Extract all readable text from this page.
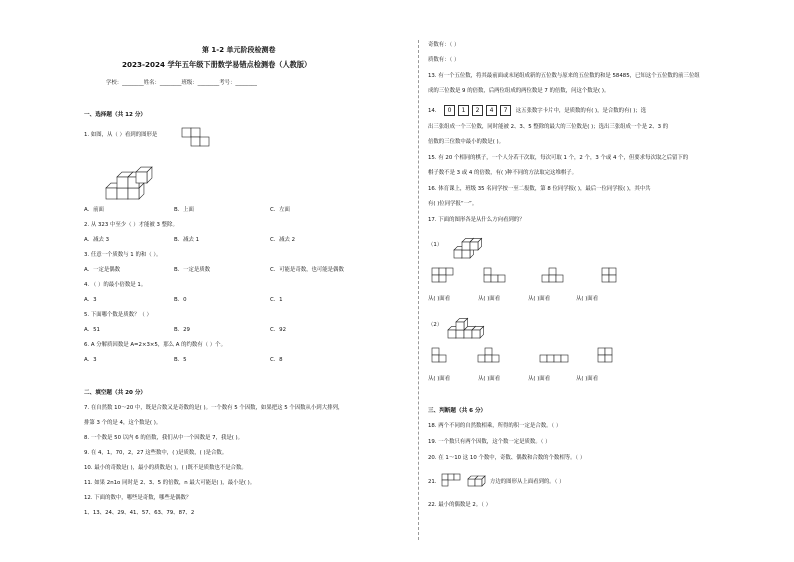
第 1-2 单元阶段检测卷
2023-2024 学年五年级下册数学易错点检测卷（人教版）
学校：________姓名：________班级：________考号：________
一、选择题（共 12 分）
1. 如图，从（ ）看到的图形是
A．前面	B．上面	C．左面
2. 从 323 中至少（ ）才能被 3 整除。
A．减去 3	B．减去 1	C．减去 2
3. 任意一个质数与 1 的和（ ）。
A．一定是偶数	B．一定是质数	C．可能是奇数，也可能是偶数
4. （ ）的最小倍数是 1。
A．3	B．0	C．1
5. 下面哪个数是质数？（ ）
A．51	B．29	C．92
6. A 分解质因数是 A=2×3×5，那么 A 的约数有（ ）个。
A．3	B．5	C．8
二、填空题（共 20 分）
7. 在自然数 10～20 中，既是合数又是奇数的是( )。一个数有 5 个因数，如果把这 5 个因数从小到大排列，
排第 3 个的是 4，这个数是( )。
8. 一个数是 50 以内 6 的倍数，我们从中一个因数是 7，我是( )。
9. 在 4，1，70，2，27 这些数中，( )是质数，( )是合数。
10. 最小的奇数是( )，最小的质数是( )，( )既不是质数也不是合数。
11. 如果 2n1o 同时是 2、3、5 的倍数，n 最大可能是( )，最小是( )。
12. 下面的数中，哪些是奇数，哪些是偶数？
1、13、24、29、41、57、63、79、87、2
奇数有：（ ）
质数有：（ ）
13. 有一个五位数，将其最前面或末尾组成新的五位数与原来的五位数的和是 58485，已知这个五位数的前三位组
成的三位数是 9 的倍数，后两位组成的两位数是 7 的倍数，问这个数是( )。
14. 0 1 2 4 7 这五张数字卡片中，是质数的有( )，是合数的有( )；选
出三张组成一个三位数，同时能被 2、3、5 整除的最大的三位数是( )；选出三张组成一个是 2、3 的
倍数的三位数中最小的数是( )。
15. 有 20 个相同的棋子，一个人分若干次取，每次可取 1 个，2 个，3 个或 4 个，但要求每次取之后留下的
棋子数不是 3 或 4 的倍数，有( )种不同的方法取完这堆棋子。
16. 体育课上，班级 35 名同学按一至二报数，第 8 位同学报( )，最后一位同学报( )，其中共
有( )位同学报“一”。
17. 下面的图形各是从什么方向看到的？
（1）
从( )面看	从( )面看	从( )面看	从( )面看
（2）
从( )面看	从( )面看	从( )面看	从( )面看
三、判断题（共 6 分）
18. 两个不同的自然数相乘，所得的积一定是合数。（ ）
19. 一个数只有两个因数，这个数一定是质数。（ ）
20. 在 1～10 这 10 个数中，奇数、偶数和合数的个数相等。（ ）
21.	方边的图形从上面看到的。（ ）
22. 最小的偶数是 2。（ ）
